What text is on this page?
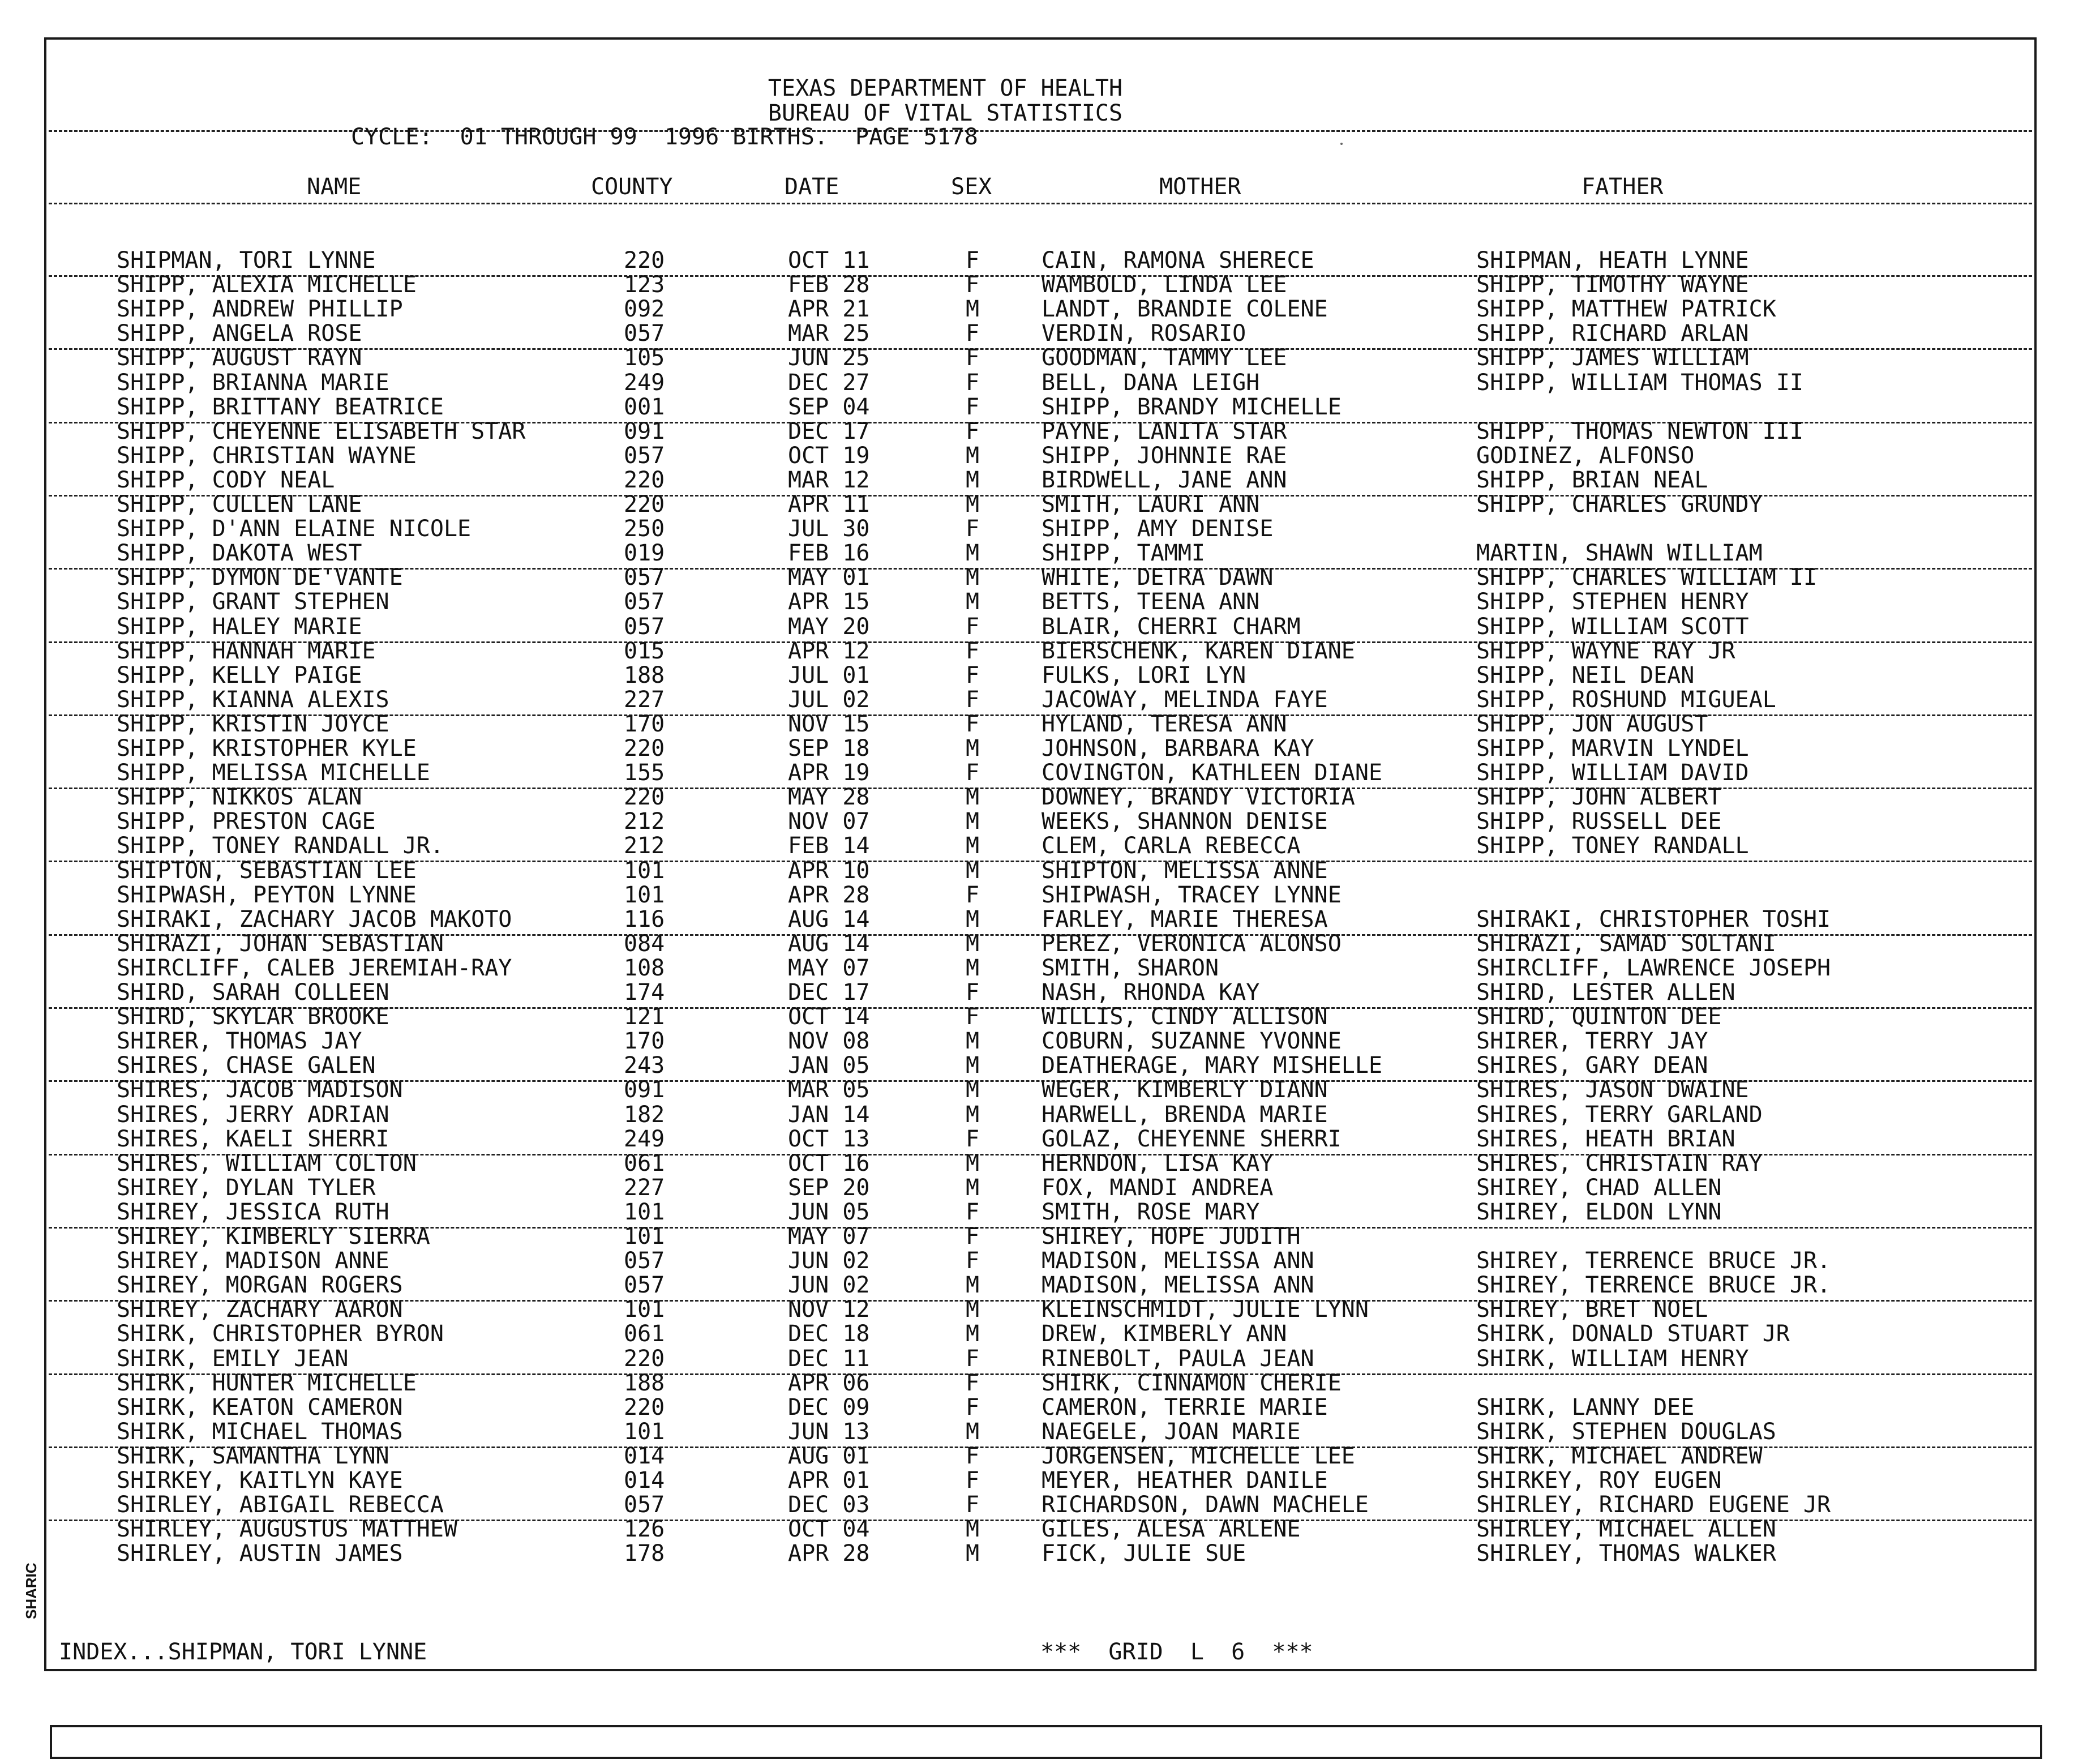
TEXAS DEPARTMENT OF HEALTH
BUREAU OF VITAL STATISTICS
CYCLE:  01 THROUGH 99  1996 BIRTHS.  PAGE 5178
NAME	COUNTY	DATE	SEX	MOTHER	FATHER
SHIPMAN, TORI LYNNE	220	OCT 11	F	CAIN, RAMONA SHERECE	SHIPMAN, HEATH LYNNE
SHIPP, ALEXIA MICHELLE	123	FEB 28	F	WAMBOLD, LINDA LEE	SHIPP, TIMOTHY WAYNE
SHIPP, ANDREW PHILLIP	092	APR 21	M	LANDT, BRANDIE COLENE	SHIPP, MATTHEW PATRICK
SHIPP, ANGELA ROSE	057	MAR 25	F	VERDIN, ROSARIO	SHIPP, RICHARD ARLAN
SHIPP, AUGUST RAYN	105	JUN 25	F	GOODMAN, TAMMY LEE	SHIPP, JAMES WILLIAM
SHIPP, BRIANNA MARIE	249	DEC 27	F	BELL, DANA LEIGH	SHIPP, WILLIAM THOMAS II
SHIPP, BRITTANY BEATRICE	001	SEP 04	F	SHIPP, BRANDY MICHELLE
SHIPP, CHEYENNE ELISABETH STAR	091	DEC 17	F	PAYNE, LANITA STAR	SHIPP, THOMAS NEWTON III
SHIPP, CHRISTIAN WAYNE	057	OCT 19	M	SHIPP, JOHNNIE RAE	GODINEZ, ALFONSO
SHIPP, CODY NEAL	220	MAR 12	M	BIRDWELL, JANE ANN	SHIPP, BRIAN NEAL
SHIPP, CULLEN LANE	220	APR 11	M	SMITH, LAURI ANN	SHIPP, CHARLES GRUNDY
SHIPP, D'ANN ELAINE NICOLE	250	JUL 30	F	SHIPP, AMY DENISE
SHIPP, DAKOTA WEST	019	FEB 16	M	SHIPP, TAMMI	MARTIN, SHAWN WILLIAM
SHIPP, DYMON DE'VANTE	057	MAY 01	M	WHITE, DETRA DAWN	SHIPP, CHARLES WILLIAM II
SHIPP, GRANT STEPHEN	057	APR 15	M	BETTS, TEENA ANN	SHIPP, STEPHEN HENRY
SHIPP, HALEY MARIE	057	MAY 20	F	BLAIR, CHERRI CHARM	SHIPP, WILLIAM SCOTT
SHIPP, HANNAH MARIE	015	APR 12	F	BIERSCHENK, KAREN DIANE	SHIPP, WAYNE RAY JR
SHIPP, KELLY PAIGE	188	JUL 01	F	FULKS, LORI LYN	SHIPP, NEIL DEAN
SHIPP, KIANNA ALEXIS	227	JUL 02	F	JACOWAY, MELINDA FAYE	SHIPP, ROSHUND MIGUEAL
SHIPP, KRISTIN JOYCE	170	NOV 15	F	HYLAND, TERESA ANN	SHIPP, JON AUGUST
SHIPP, KRISTOPHER KYLE	220	SEP 18	M	JOHNSON, BARBARA KAY	SHIPP, MARVIN LYNDEL
SHIPP, MELISSA MICHELLE	155	APR 19	F	COVINGTON, KATHLEEN DIANE	SHIPP, WILLIAM DAVID
SHIPP, NIKKOS ALAN	220	MAY 28	M	DOWNEY, BRANDY VICTORIA	SHIPP, JOHN ALBERT
SHIPP, PRESTON CAGE	212	NOV 07	M	WEEKS, SHANNON DENISE	SHIPP, RUSSELL DEE
SHIPP, TONEY RANDALL JR.	212	FEB 14	M	CLEM, CARLA REBECCA	SHIPP, TONEY RANDALL
SHIPTON, SEBASTIAN LEE	101	APR 10	M	SHIPTON, MELISSA ANNE
SHIPWASH, PEYTON LYNNE	101	APR 28	F	SHIPWASH, TRACEY LYNNE
SHIRAKI, ZACHARY JACOB MAKOTO	116	AUG 14	M	FARLEY, MARIE THERESA	SHIRAKI, CHRISTOPHER TOSHI
SHIRAZI, JOHAN SEBASTIAN	084	AUG 14	M	PEREZ, VERONICA ALONSO	SHIRAZI, SAMAD SOLTANI
SHIRCLIFF, CALEB JEREMIAH-RAY	108	MAY 07	M	SMITH, SHARON	SHIRCLIFF, LAWRENCE JOSEPH
SHIRD, SARAH COLLEEN	174	DEC 17	F	NASH, RHONDA KAY	SHIRD, LESTER ALLEN
SHIRD, SKYLAR BROOKE	121	OCT 14	F	WILLIS, CINDY ALLISON	SHIRD, QUINTON DEE
SHIRER, THOMAS JAY	170	NOV 08	M	COBURN, SUZANNE YVONNE	SHIRER, TERRY JAY
SHIRES, CHASE GALEN	243	JAN 05	M	DEATHERAGE, MARY MISHELLE	SHIRES, GARY DEAN
SHIRES, JACOB MADISON	091	MAR 05	M	WEGER, KIMBERLY DIANN	SHIRES, JASON DWAINE
SHIRES, JERRY ADRIAN	182	JAN 14	M	HARWELL, BRENDA MARIE	SHIRES, TERRY GARLAND
SHIRES, KAELI SHERRI	249	OCT 13	F	GOLAZ, CHEYENNE SHERRI	SHIRES, HEATH BRIAN
SHIRES, WILLIAM COLTON	061	OCT 16	M	HERNDON, LISA KAY	SHIRES, CHRISTAIN RAY
SHIREY, DYLAN TYLER	227	SEP 20	M	FOX, MANDI ANDREA	SHIREY, CHAD ALLEN
SHIREY, JESSICA RUTH	101	JUN 05	F	SMITH, ROSE MARY	SHIREY, ELDON LYNN
SHIREY, KIMBERLY SIERRA	101	MAY 07	F	SHIREY, HOPE JUDITH
SHIREY, MADISON ANNE	057	JUN 02	F	MADISON, MELISSA ANN	SHIREY, TERRENCE BRUCE JR.
SHIREY, MORGAN ROGERS	057	JUN 02	M	MADISON, MELISSA ANN	SHIREY, TERRENCE BRUCE JR.
SHIREY, ZACHARY AARON	101	NOV 12	M	KLEINSCHMIDT, JULIE LYNN	SHIREY, BRET NOEL
SHIRK, CHRISTOPHER BYRON	061	DEC 18	M	DREW, KIMBERLY ANN	SHIRK, DONALD STUART JR
SHIRK, EMILY JEAN	220	DEC 11	F	RINEBOLT, PAULA JEAN	SHIRK, WILLIAM HENRY
SHIRK, HUNTER MICHELLE	188	APR 06	F	SHIRK, CINNAMON CHERIE
SHIRK, KEATON CAMERON	220	DEC 09	F	CAMERON, TERRIE MARIE	SHIRK, LANNY DEE
SHIRK, MICHAEL THOMAS	101	JUN 13	M	NAEGELE, JOAN MARIE	SHIRK, STEPHEN DOUGLAS
SHIRK, SAMANTHA LYNN	014	AUG 01	F	JORGENSEN, MICHELLE LEE	SHIRK, MICHAEL ANDREW
SHIRKEY, KAITLYN KAYE	014	APR 01	F	MEYER, HEATHER DANILE	SHIRKEY, ROY EUGEN
SHIRLEY, ABIGAIL REBECCA	057	DEC 03	F	RICHARDSON, DAWN MACHELE	SHIRLEY, RICHARD EUGENE JR
SHIRLEY, AUGUSTUS MATTHEW	126	OCT 04	M	GILES, ALESA ARLENE	SHIRLEY, MICHAEL ALLEN
SHIRLEY, AUSTIN JAMES	178	APR 28	M	FICK, JULIE SUE	SHIRLEY, THOMAS WALKER
INDEX...SHIPMAN, TORI LYNNE	***  GRID  L  6  ***
SHARIC
